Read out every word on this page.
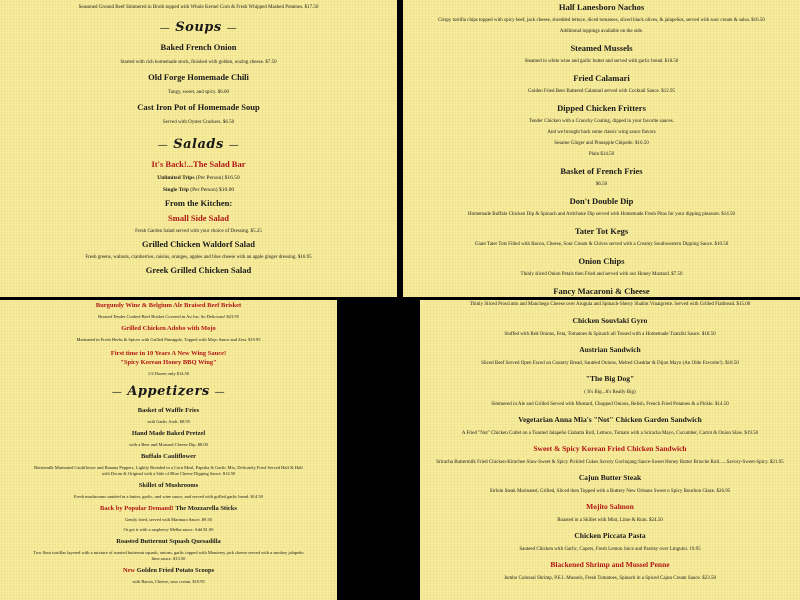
Seasoned Ground Beef Simmered in Broth topped with Whole Kernel Corn & Fresh Whipped Mashed Potatoes. $17.50

— Soups —

Baked French Onion

Started with rich homemade stock, finished with golden, oozing cheese. $7.50

Old Forge Homemade Chili

Tangy, sweet, and spicy. $6.00

Cast Iron Pot of Homemade Soup

Served with Oyster Crackers. $6.50

— Salads —

It's Back!...The Salad Bar

Unlimited Trips (Per Person) $16.50

Single Trip (Per Person) $10.00

From the Kitchen:

Small Side Salad

Fresh Garden Salad served with your choice of Dressing. $5.25

Grilled Chicken Waldorf Salad

Fresh greens, walnuts, cranberries, raisins, oranges, apples and blue cheese with an apple ginger dressing. $16.95

Greek Grilled Chicken Salad

Half Lanesboro Nachos

Crispy tortilla chips topped with spicy beef, jack cheese, shredded lettuce, diced tomatoes, sliced black olives, & jalapeños, served with sour cream & salsa. $16.50

Additional toppings available on the side.

Steamed Mussels

Steamed in white wine and garlic butter and served with garlic bread. $18.50

Fried Calamari

Golden Fried Beer Battered Calamari served with Cocktail Sauce. $12.95

Dipped Chicken Fritters

Tender Chicken with a Crunchy Coating, dipped in your favorite sauces.

And we brought back some classic wing sauce flavors

Sesame Ginger and Pineapple Chipotle. $16.50

Plain $14.50

Basket of French Fries

$6.50

Don't Double Dip

Homemade Buffalo Chicken Dip & Spinach and Artichoke Dip served with Homemade Fresh Pitas for your dipping pleasure. $14.50

Tater Tot Kegs

Giant Tater Tots Filled with Bacon, Cheese, Sour Cream & Chives served with a Creamy Southwestern Dipping Sauce. $10.50

Onion Chips

Thinly sliced Onion Petals then Fried and served with our Honey Mustard. $7.50

Fancy Macaroni & Cheese

Burgundy Wine & Belgium Ale Braised Beef Brisket

Braised Tender Cooked Beef Brisket Covered in Au Jus. So Delicious! $23.95

Grilled Chicken Adobo with Mojo

Marinated in Fresh Herbs & Spices with Grilled Pineapple, Topped with Mojo Sauce and Zest. $19.95

First time in 10 Years A New Wing Sauce!

"Spicy Korean Honey BBQ Wing"

1/2 Dozen only $14.50

— Appetizers —

Basket of Waffle Fries

with Garlic Aioli. $8.95

Hand Made Baked Pretzel

with a Beer and Mustard Cheese Dip. $8.00

Buffalo Cauliflower

Buttermilk Marinated Cauliflower and Banana Peppers, Lightly Breaded in a Corn Meal, Paprika & Garlic Mix, Delicately Fried Served Half & Half with Doom & Original with a Side of Blue Cheese Dipping Sauce. $14.50

Skillet of Mushrooms

Fresh mushrooms sautéed in a butter, garlic, and wine sauce, and served with grilled garlic bread. $14.50

Back by Popular Demand! The Mozzarella Sticks

Gently fried, served with Marinara Sauce. $9.50

Or get it with a raspberry Melba sauce. Add $1.00

Roasted Butternut Squash Quesadilla

Two flour tortillas layered with a mixture of roasted butternut squash, onions, garlic topped with Monterey jack cheese served with a smokey jalapeño lime sauce. $13.50

New Golden Fried Potato Scoops

with Bacon, Cheese, sour cream. $10.95

Thinly Sliced Prosciutto and Manchego Cheese over Arugula and Spinach-Sherry Shallot Vinaigrette. Served with Grilled Flatbread. $15.00

Chicken Souvlaki Gyro

Stuffed with Red Onions, Feta, Tomatoes & Spinach all Tossed with a Homemade Tzatziki Sauce. $18.50

Austrian Sandwich

Sliced Beef Served Open Faced on Country Bread, Sautéed Onions, Melted Cheddar & Dijon Mayo (An Olde Favorite!). $18.50

"The Big Dog"

( It's Big...It's Really Big)

Simmered in Ale and Grilled Served with Mustard, Chopped Onions, Relish, French Fried Potatoes & a Pickle. $14.50

Vegetarian Anna Mia's "Not" Chicken Garden Sandwich

A Fried "Not" Chicken Cutlet on a Toasted Jalapeño Ciabatta Roll, Lettuce, Tomato with a Sriracha Mayo, Cucumber, Carrot & Onion Slaw. $19.50

Sweet & Spicy Korean Fried Chicken Sandwich

Sriracha Buttermilk Fried Chicken-Kimchee Slaw-Sweet & Spicy Pickled Cukes Savory Gochujang Sauce-Sweet Honey Butter Brioche Roll......Savory-Sweet-Spicy. $21.95

Cajun Butter Steak

Sirloin Steak Marinated, Grilled, Sliced then Topped with a Buttery New Orleans Sweet n Spicy Bourbon Glaze. $26.95

Mojito Salmon

Roasted in a Skillet with Mint, Lime & Rum. $24.50

Chicken Piccata Pasta

Sauteed Chicken with Garlic, Capers, Fresh Lemon Juice and Parsley over Linguini. 19.95

Blackened Shrimp and Mussel Penne

Jumbo Colossal Shrimp, P.E.I. Mussels, Fresh Tomatoes, Spinach in a Spiced Cajun Cream Sauce. $23.50
